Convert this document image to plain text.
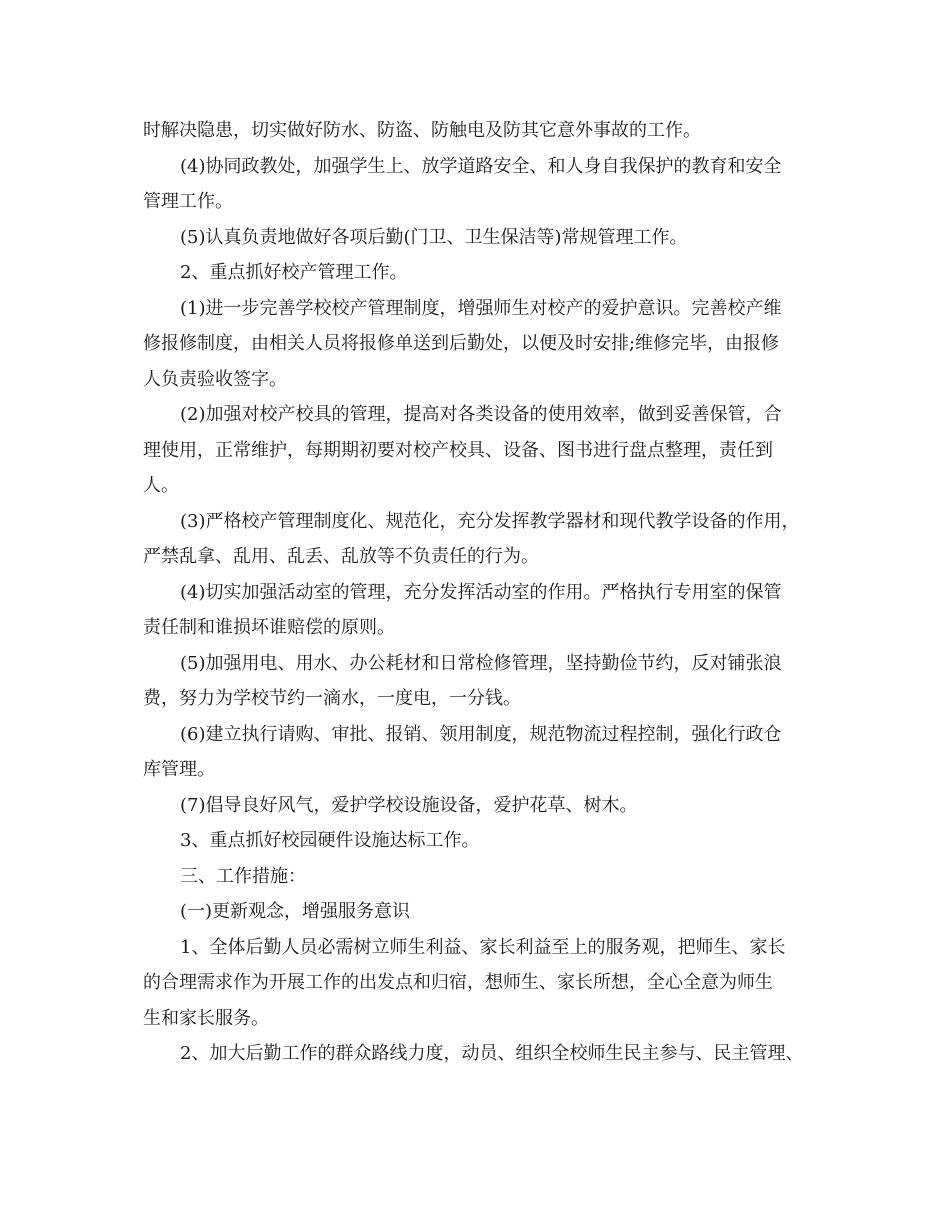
时解决隐患，切实做好防水、防盗、防触电及防其它意外事故的工作。

(4)协同政教处，加强学生上、放学道路安全、和人身自我保护的教育和安全
管理工作。

(5)认真负责地做好各项后勤(门卫、卫生保洁等)常规管理工作。

2、重点抓好校产管理工作。

(1)进一步完善学校校产管理制度，增强师生对校产的爱护意识。完善校产维
修报修制度，由相关人员将报修单送到后勤处，以便及时安排;维修完毕，由报修
人负责验收签字。

(2)加强对校产校具的管理，提高对各类设备的使用效率，做到妥善保管，合
理使用，正常维护，每期期初要对校产校具、设备、图书进行盘点整理，责任到
人。

(3)严格校产管理制度化、规范化，充分发挥教学器材和现代教学设备的作用，
严禁乱拿、乱用、乱丢、乱放等不负责任的行为。

(4)切实加强活动室的管理，充分发挥活动室的作用。严格执行专用室的保管
责任制和谁损坏谁赔偿的原则。

(5)加强用电、用水、办公耗材和日常检修管理，坚持勤俭节约，反对铺张浪
费，努力为学校节约一滴水，一度电，一分钱。

(6)建立执行请购、审批、报销、领用制度，规范物流过程控制，强化行政仓
库管理。

(7)倡导良好风气，爱护学校设施设备，爱护花草、树木。

3、重点抓好校园硬件设施达标工作。

三、工作措施：

(一)更新观念，增强服务意识

1、全体后勤人员必需树立师生利益、家长利益至上的服务观，把师生、家长
的合理需求作为开展工作的出发点和归宿，想师生、家长所想，全心全意为师生
生和家长服务。

2、加大后勤工作的群众路线力度，动员、组织全校师生民主参与、民主管理、
